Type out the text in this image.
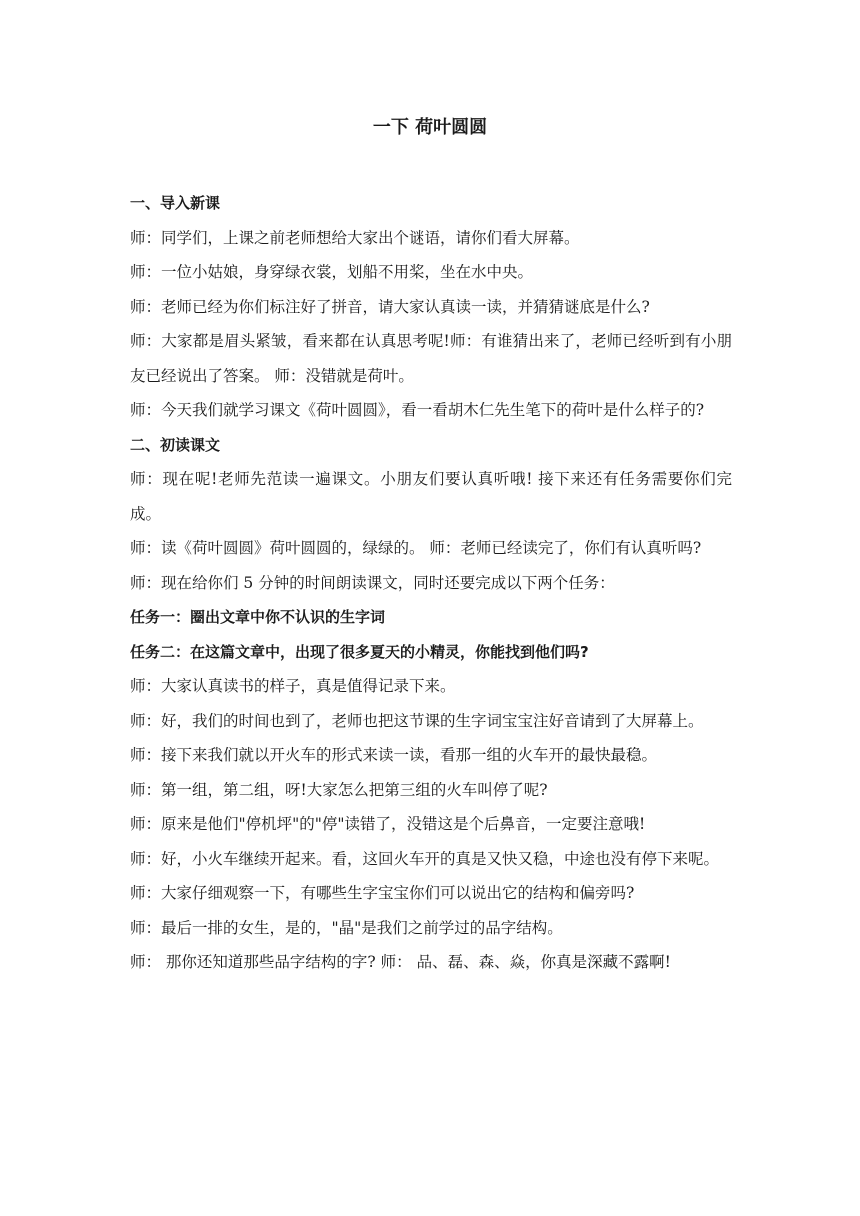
一下 荷叶圆圆

一、导入新课

师：同学们，上课之前老师想给大家出个谜语，请你们看大屏幕。

师：一位小姑娘，身穿绿衣裳，划船不用桨，坐在水中央。

师：老师已经为你们标注好了拼音，请大家认真读一读，并猜猜谜底是什么?

师：大家都是眉头紧皱，看来都在认真思考呢!师：有谁猜出来了，老师已经听到有小朋友已经说出了答案。 师：没错就是荷叶。

师：今天我们就学习课文《荷叶圆圆》，看一看胡木仁先生笔下的荷叶是什么样子的?

二、初读课文

师：现在呢!老师先范读一遍课文。小朋友们要认真听哦! 接下来还有任务需要你们完成。

师：读《荷叶圆圆》荷叶圆圆的，绿绿的。 师：老师已经读完了，你们有认真听吗?

师：现在给你们 5 分钟的时间朗读课文，同时还要完成以下两个任务：

任务一：圈出文章中你不认识的生字词

任务二：在这篇文章中，出现了很多夏天的小精灵，你能找到他们吗?

师：大家认真读书的样子，真是值得记录下来。

师：好，我们的时间也到了，老师也把这节课的生字词宝宝注好音请到了大屏幕上。

师：接下来我们就以开火车的形式来读一读，看那一组的火车开的最快最稳。

师：第一组，第二组，呀!大家怎么把第三组的火车叫停了呢?

师：原来是他们"停机坪"的"停"读错了，没错这是个后鼻音，一定要注意哦!

师：好，小火车继续开起来。看，这回火车开的真是又快又稳，中途也没有停下来呢。

师：大家仔细观察一下，有哪些生字宝宝你们可以说出它的结构和偏旁吗?

师：最后一排的女生，是的，"晶"是我们之前学过的品字结构。

师： 那你还知道那些品字结构的字? 师： 品、磊、森、焱，你真是深藏不露啊!
